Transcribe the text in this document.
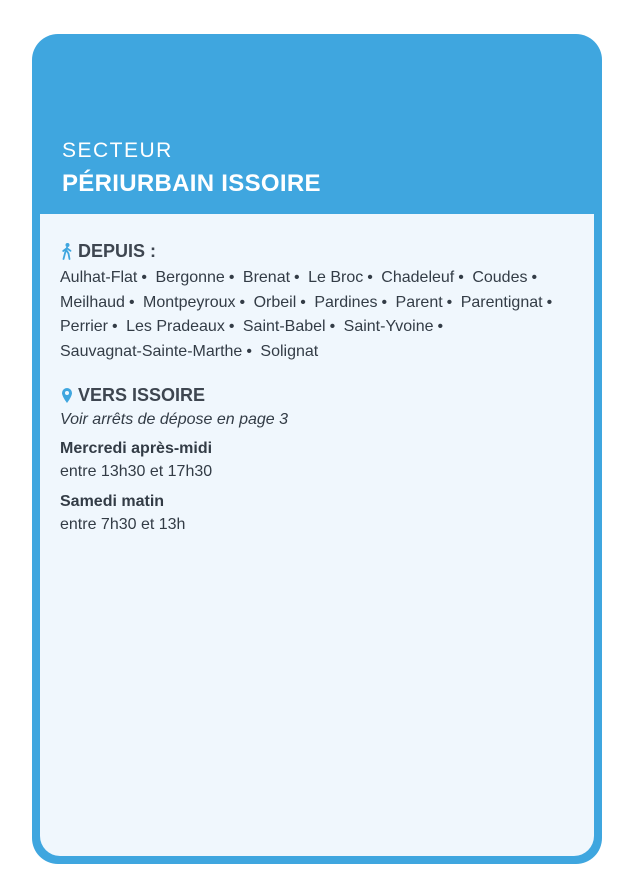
SECTEUR
PÉRIURBAIN ISSOIRE
DEPUIS :
Aulhat-Flat • Bergonne • Brenat • Le Broc • Chadeleuf • Coudes • Meilhaud • Montpeyroux • Orbeil • Pardines • Parent • Parentignat • Perrier • Les Pradeaux • Saint-Babel • Saint-Yvoine • Sauvagnat-Sainte-Marthe • Solignat
VERS ISSOIRE
Voir arrêts de dépose en page 3
Mercredi après-midi
entre 13h30 et 17h30
Samedi matin
entre 7h30 et 13h
